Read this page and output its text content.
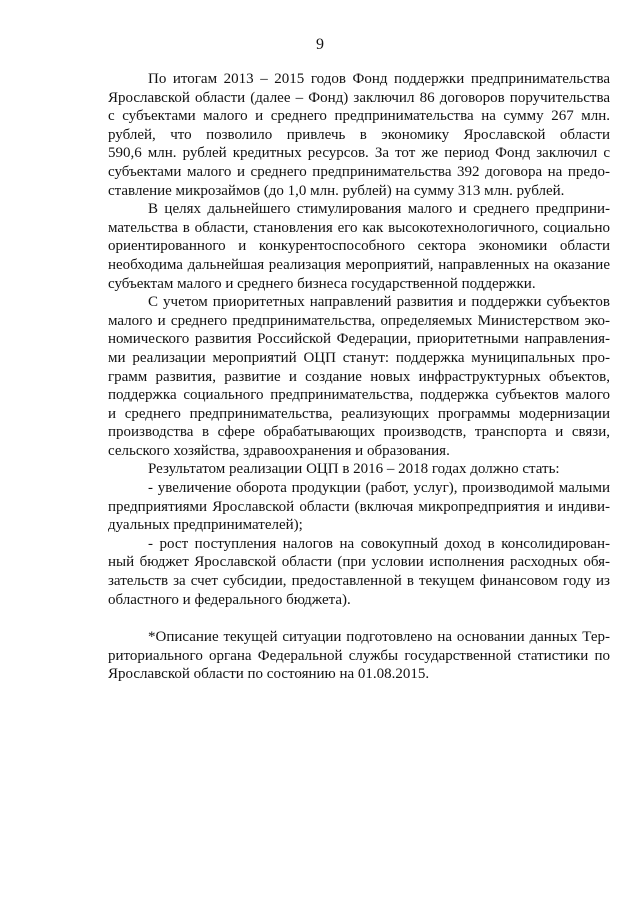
9
По итогам 2013 – 2015 годов Фонд поддержки предпринимательства
Ярославской области (далее – Фонд) заключил 86 договоров поручительства
с субъектами малого и среднего предпринимательства на сумму 267 млн.
рублей, что позволило привлечь в экономику Ярославской области
590,6 млн. рублей кредитных ресурсов. За тот же период Фонд заключил с
субъектами малого и среднего предпринимательства 392 договора на предо-
ставление микрозаймов (до 1,0 млн. рублей) на сумму 313 млн. рублей.
В целях дальнейшего стимулирования малого и среднего предприни-
мательства в области, становления его как высокотехнологичного, социально
ориентированного и конкурентоспособного сектора экономики области
необходима дальнейшая реализация мероприятий, направленных на оказание
субъектам малого и среднего бизнеса государственной поддержки.
С учетом приоритетных направлений развития и поддержки субъектов
малого и среднего предпринимательства, определяемых Министерством эко-
номического развития Российской Федерации, приоритетными направления-
ми реализации мероприятий ОЦП станут: поддержка муниципальных про-
грамм развития, развитие и создание новых инфраструктурных объектов,
поддержка социального предпринимательства, поддержка субъектов малого
и среднего предпринимательства, реализующих программы модернизации
производства в сфере обрабатывающих производств, транспорта и связи,
сельского хозяйства, здравоохранения и образования.
Результатом реализации ОЦП в 2016 – 2018 годах должно стать:
- увеличение оборота продукции (работ, услуг), производимой малыми
предприятиями Ярославской области (включая микропредприятия и индиви-
дуальных предпринимателей);
- рост поступления налогов на совокупный доход в консолидирован-
ный бюджет Ярославской области (при условии исполнения расходных обя-
зательств за счет субсидии, предоставленной в текущем финансовом году из
областного и федерального бюджета).
*Описание текущей ситуации подготовлено на основании данных Тер-
риториального органа Федеральной службы государственной статистики по
Ярославской области по состоянию на 01.08.2015.
